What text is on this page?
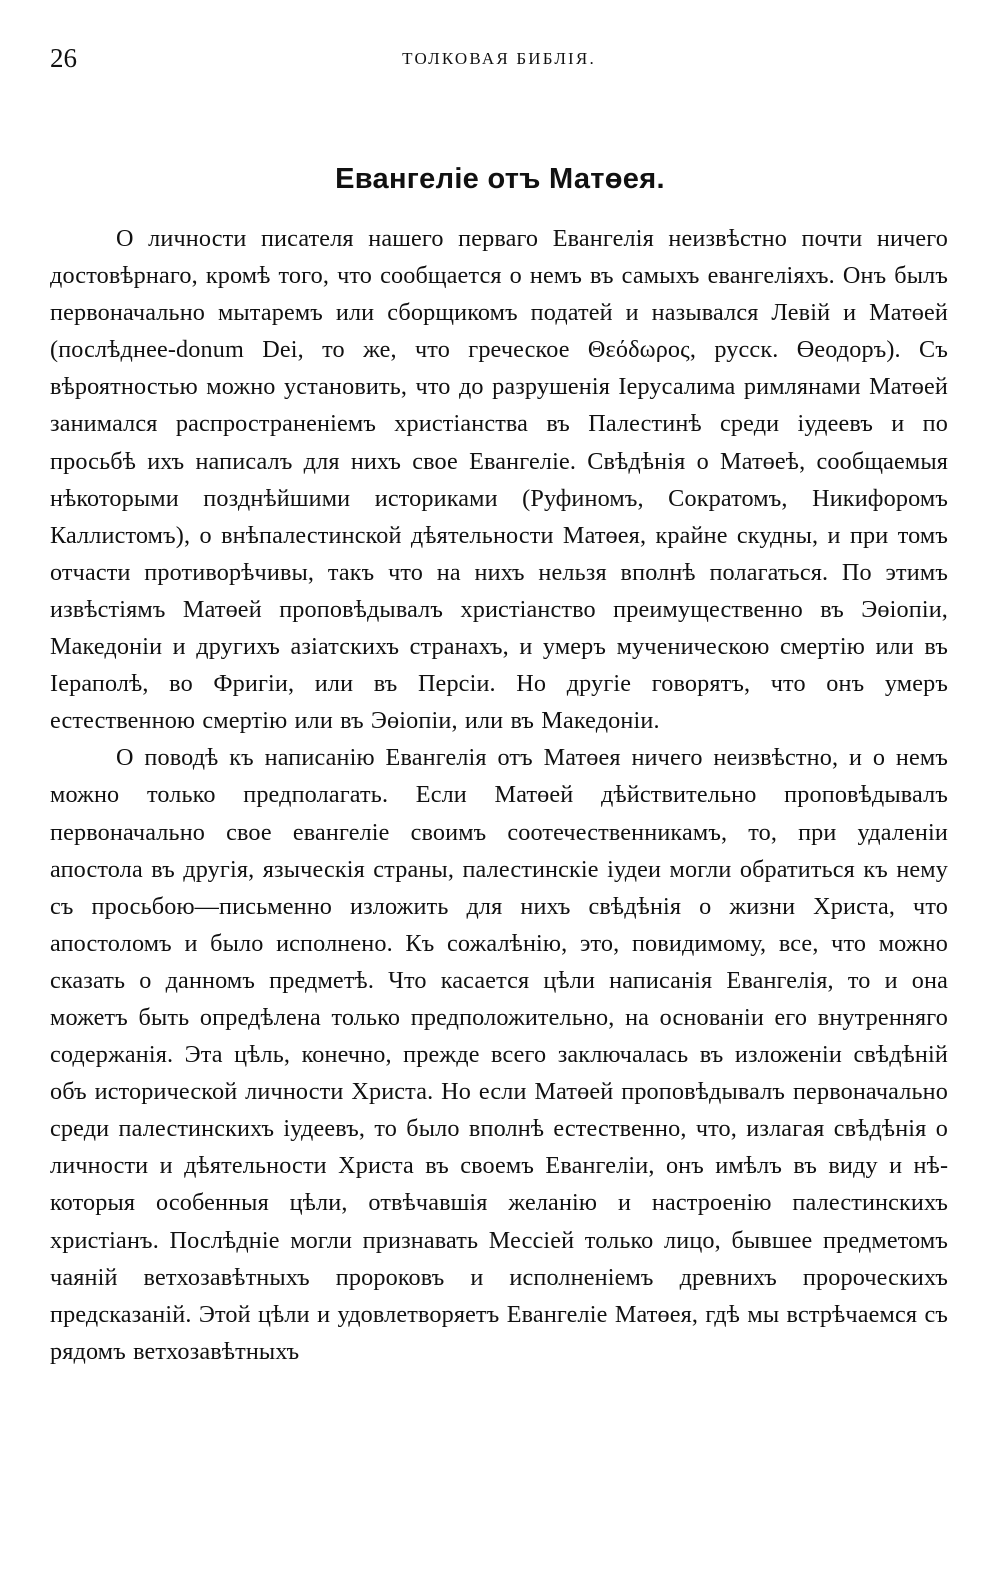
26	ТОЛКОВАЯ БИБЛІЯ.
Евангеліе отъ Матөея.

О личности писателя нашего перваго Евангелія неизвѣстно почти ничего достовѣрнаго, кромѣ того, что сообщается о немъ въ самыхъ евангеліяхъ. Онъ былъ первоначально мытаремъ или сборщикомъ податей и назывался Левій и Матөей (послѣднее-donum Dei, то же, что греческое Θεόδωρος, русск. Өеодоръ). Съ вѣроятностью можно установить, что до разрушенія Іерусалима римлянами Матөей занимался распространеніемъ христіанства въ Палестинѣ среди іудеевъ и по просьбѣ ихъ написалъ для нихъ свое Евангеліе. Свѣдѣнія о Матөеѣ, сообщаемыя нѣкоторыми позднѣйшими историками (Руфиномъ, Сократомъ, Никифоромъ Каллистомъ), о внѣпалестинской дѣятельности Матөея, крайне скудны, и при томъ отчасти противорѣчивы, такъ что на нихъ нельзя вполнѣ полагаться. По этимъ извѣстіямъ Матөей проповѣдывалъ христіанство преимущественно въ Эөіопіи, Македоніи и другихъ азіатскихъ странахъ, и умеръ мученическою смертію или въ Іераполѣ, во Фригіи, или въ Персіи. Но другіе говорятъ, что онъ умеръ естественною смертію или въ Эөіопіи, или въ Македоніи.

О поводѣ къ написанію Евангелія отъ Матөея ничего неизвѣстно, и о немъ можно только предполагать. Если Матөей дѣйствительно проповѣдывалъ первоначально свое евангеліе своимъ соотечественникамъ, то, при удаленіи апостола въ другія, языческія страны, палестинскіе іудеи могли обратиться къ нему съ просьбою—письменно изложить для нихъ свѣдѣнія о жизни Христа, что апостоломъ и было исполнено. Къ сожалѣнію, это, повидимому, все, что можно сказать о данномъ предметѣ. Что касается цѣли написанія Евангелія, то и она можетъ быть опредѣлена только предположительно, на основаніи его внутренняго содержанія. Эта цѣль, конечно, прежде всего заключалась въ изложеніи свѣдѣній объ исторической личности Христа. Но если Матөей проповѣдывалъ первоначально среди палестинскихъ іудеевъ, то было вполнѣ естественно, что, излагая свѣдѣнія о личности и дѣятельности Христа въ своемъ Евангеліи, онъ имѣлъ въ виду и нѣкоторыя особенныя цѣли, отвѣчавшія желанію и настроенію палестинскихъ христіанъ. Послѣдніе могли признавать Мессіей только лицо, бывшее предметомъ чаяній ветхозавѣтныхъ пророковъ и исполненіемъ древнихъ пророческихъ предсказаній. Этой цѣли и удовлетворяетъ Евангеліе Матөея, гдѣ мы встрѣчаемся съ рядомъ ветхозавѣтныхъ
